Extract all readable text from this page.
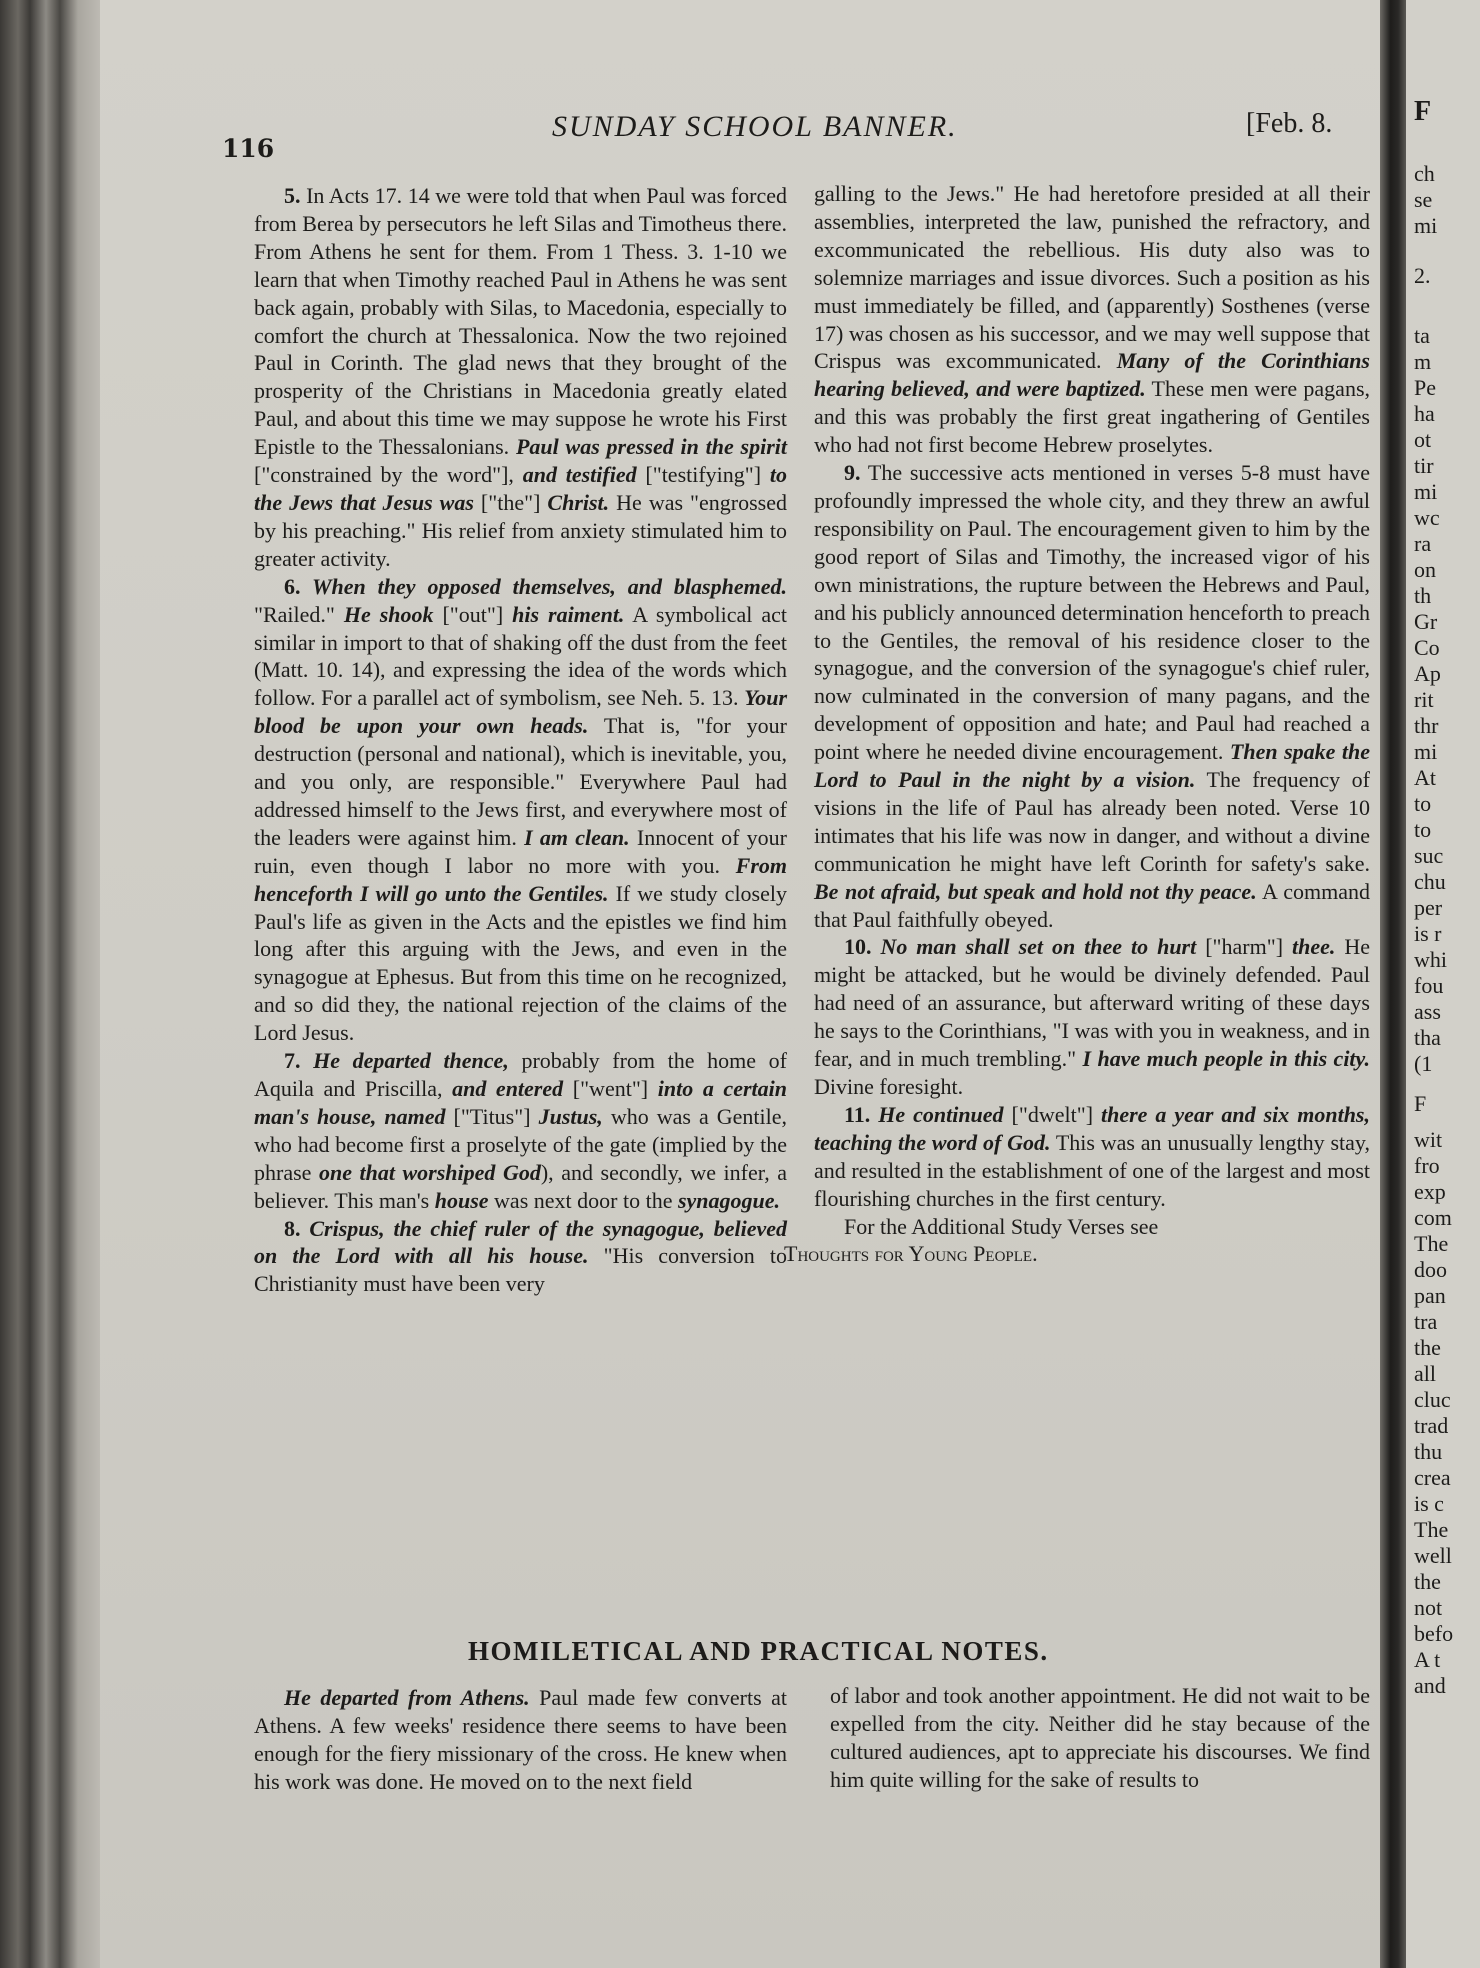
F
ch
se
mi
2.
ta
m
Pe
ha
ot
tir
mi
wc
ra
on
th
Gr
Co
Ap
rit
thr
mi
At
to
to
suc
chu
per
is r
whi
fou
ass
tha
(1
F
wit
fro
exp
com
The
doo
pan
tra
the
all
cluc
trad
thu
crea
is c
The
well
the
not
befo
A t
and
116
SUNDAY SCHOOL BANNER.	[Feb. 8.

5. In Acts 17. 14 we were told that when Paul was forced from Berea by persecutors he left Silas and Timotheus there. From Athens he sent for them. From 1 Thess. 3. 1-10 we learn that when Timothy reached Paul in Athens he was sent back again, probably with Silas, to Macedonia, especially to comfort the church at Thessalonica. Now the two rejoined Paul in Corinth. The glad news that they brought of the prosperity of the Christians in Macedonia greatly elated Paul, and about this time we may suppose he wrote his First Epistle to the Thessalonians. Paul was pressed in the spirit ["constrained by the word"], and testified ["testifying"] to the Jews that Jesus was ["the"] Christ. He was "engrossed by his preaching." His relief from anxiety stimulated him to greater activity.

6. When they opposed themselves, and blasphemed. "Railed." He shook ["out"] his raiment. A symbolical act similar in import to that of shaking off the dust from the feet (Matt. 10. 14), and expressing the idea of the words which follow. For a parallel act of symbolism, see Neh. 5. 13. Your blood be upon your own heads. That is, "for your destruction (personal and national), which is inevitable, you, and you only, are responsible." Everywhere Paul had addressed himself to the Jews first, and everywhere most of the leaders were against him. I am clean. Innocent of your ruin, even though I labor no more with you. From henceforth I will go unto the Gentiles. If we study closely Paul's life as given in the Acts and the epistles we find him long after this arguing with the Jews, and even in the synagogue at Ephesus. But from this time on he recognized, and so did they, the national rejection of the claims of the Lord Jesus.

7. He departed thence, probably from the home of Aquila and Priscilla, and entered ["went"] into a certain man's house, named ["Titus"] Justus, who was a Gentile, who had become first a proselyte of the gate (implied by the phrase one that worshiped God), and secondly, we infer, a believer. This man's house was next door to the synagogue.

8. Crispus, the chief ruler of the synagogue, believed on the Lord with all his house. "His conversion to Christianity must have been very

galling to the Jews." He had heretofore presided at all their assemblies, interpreted the law, punished the refractory, and excommunicated the rebellious. His duty also was to solemnize marriages and issue divorces. Such a position as his must immediately be filled, and (apparently) Sosthenes (verse 17) was chosen as his successor, and we may well suppose that Crispus was excommunicated. Many of the Corinthians hearing believed, and were baptized. These men were pagans, and this was probably the first great ingathering of Gentiles who had not first become Hebrew proselytes.

9. The successive acts mentioned in verses 5-8 must have profoundly impressed the whole city, and they threw an awful responsibility on Paul. The encouragement given to him by the good report of Silas and Timothy, the increased vigor of his own ministrations, the rupture between the Hebrews and Paul, and his publicly announced determination henceforth to preach to the Gentiles, the removal of his residence closer to the synagogue, and the conversion of the synagogue's chief ruler, now culminated in the conversion of many pagans, and the development of opposition and hate; and Paul had reached a point where he needed divine encouragement. Then spake the Lord to Paul in the night by a vision. The frequency of visions in the life of Paul has already been noted. Verse 10 intimates that his life was now in danger, and without a divine communication he might have left Corinth for safety's sake. Be not afraid, but speak and hold not thy peace. A command that Paul faithfully obeyed.

10. No man shall set on thee to hurt ["harm"] thee. He might be attacked, but he would be divinely defended. Paul had need of an assurance, but afterward writing of these days he says to the Corinthians, "I was with you in weakness, and in fear, and in much trembling." I have much people in this city. Divine foresight.

11. He continued ["dwelt"] there a year and six months, teaching the word of God. This was an unusually lengthy stay, and resulted in the establishment of one of the largest and most flourishing churches in the first century.

For the Additional Study Verses see
Thoughts for Young People.

HOMILETICAL AND PRACTICAL NOTES.

He departed from Athens. Paul made few converts at Athens. A few weeks' residence there seems to have been enough for the fiery missionary of the cross. He knew when his work was done. He moved on to the next field

of labor and took another appointment. He did not wait to be expelled from the city. Neither did he stay because of the cultured audiences, apt to appreciate his discourses. We find him quite willing for the sake of results to
